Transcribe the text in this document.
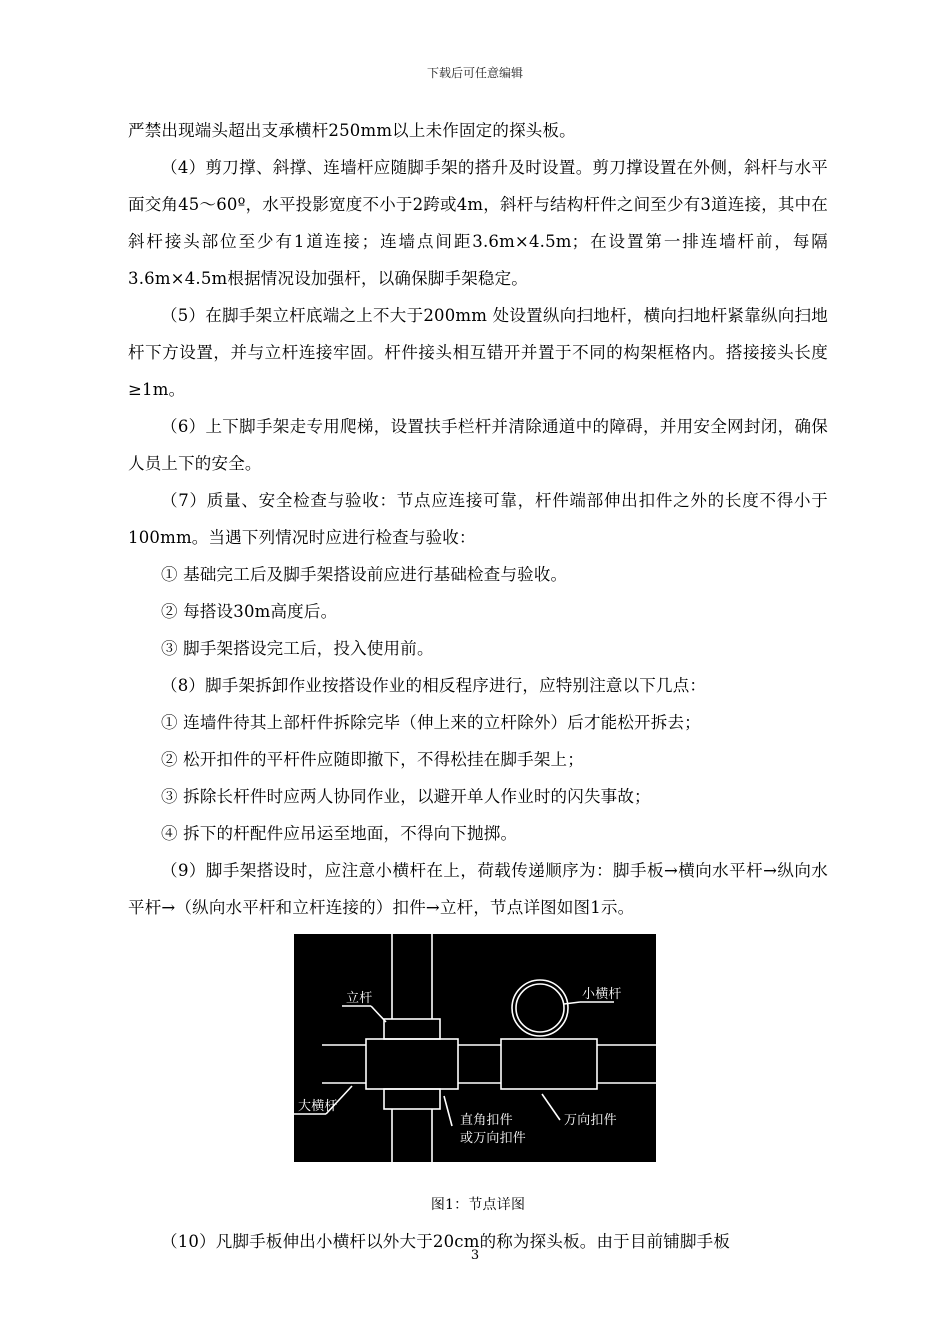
下载后可任意编辑

严禁出现端头超出支承横杆250mm以上未作固定的探头板。

（4）剪刀撑、斜撑、连墙杆应随脚手架的搭升及时设置。剪刀撑设置在外侧，斜杆与水平面交角45～60º，水平投影宽度不小于2跨或4m，斜杆与结构杆件之间至少有3道连接，其中在斜杆接头部位至少有1道连接；连墙点间距3.6m×4.5m；在设置第一排连墙杆前，每隔3.6m×4.5m根据情况设加强杆，以确保脚手架稳定。

（5）在脚手架立杆底端之上不大于200mm 处设置纵向扫地杆，横向扫地杆紧靠纵向扫地杆下方设置，并与立杆连接牢固。杆件接头相互错开并置于不同的构架框格内。搭接接头长度≥1m。

（6）上下脚手架走专用爬梯，设置扶手栏杆并清除通道中的障碍，并用安全网封闭，确保人员上下的安全。

（7）质量、安全检查与验收：节点应连接可靠，杆件端部伸出扣件之外的长度不得小于100mm。当遇下列情况时应进行检查与验收：

① 基础完工后及脚手架搭设前应进行基础检查与验收。

② 每搭设30m高度后。

③ 脚手架搭设完工后，投入使用前。

（8）脚手架拆卸作业按搭设作业的相反程序进行，应特别注意以下几点：

① 连墙件待其上部杆件拆除完毕（伸上来的立杆除外）后才能松开拆去；

② 松开扣件的平杆件应随即撤下，不得松挂在脚手架上；

③ 拆除长杆件时应两人协同作业，以避开单人作业时的闪失事故；

④ 拆下的杆配件应吊运至地面，不得向下抛掷。

（9）脚手架搭设时，应注意小横杆在上，荷载传递顺序为：脚手板→横向水平杆→纵向水平杆→（纵向水平杆和立杆连接的）扣件→立杆，节点详图如图1示。

立杆	小横杆
大横杆
直角扣件
或万向扣件
万向扣件
图1：节点详图

（10）凡脚手板伸出小横杆以外大于20cm的称为探头板。由于目前铺脚手板

3
